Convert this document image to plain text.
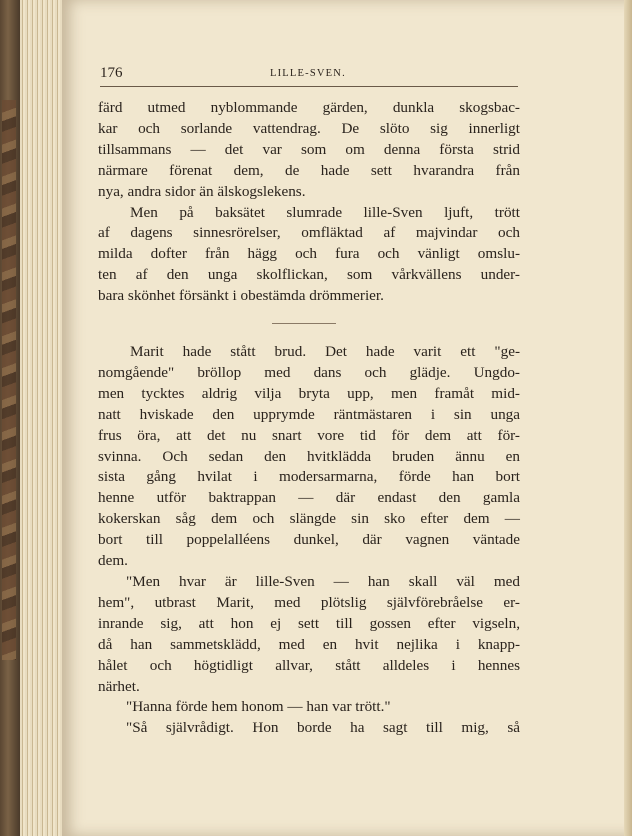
176	LILLE-SVEN.
färd utmed nyblommande gärden, dunkla skogsbac-
kar och sorlande vattendrag. De slöto sig innerligt
tillsammans — det var som om denna första strid
närmare förenat dem, de hade sett hvarandra från
nya, andra sidor än älskogslekens.
Men på baksätet slumrade lille-Sven ljuft, trött
af dagens sinnesrörelser, omfläktad af majvindar och
milda dofter från hägg och fura och vänligt omslu-
ten af den unga skolflickan, som vårkvällens under-
bara skönhet försänkt i obestämda drömmerier.
Marit hade stått brud. Det hade varit ett "ge-
nomgående" bröllop med dans och glädje. Ungdo-
men tycktes aldrig vilja bryta upp, men framåt mid-
natt hviskade den upprymde räntmästaren i sin unga
frus öra, att det nu snart vore tid för dem att för-
svinna. Och sedan den hvitklädda bruden ännu en
sista gång hvilat i modersarmarna, förde han bort
henne utför baktrappan — där endast den gamla
kokerskan såg dem och slängde sin sko efter dem —
bort till poppelalléens dunkel, där vagnen väntade
dem.
"Men hvar är lille-Sven — han skall väl med
hem", utbrast Marit, med plötslig självförebråelse er-
inrande sig, att hon ej sett till gossen efter vigseln,
då han sammetsklädd, med en hvit nejlika i knapp-
hålet och högtidligt allvar, stått alldeles i hennes
närhet.
"Hanna förde hem honom — han var trött."
"Så självrådigt. Hon borde ha sagt till mig, så
